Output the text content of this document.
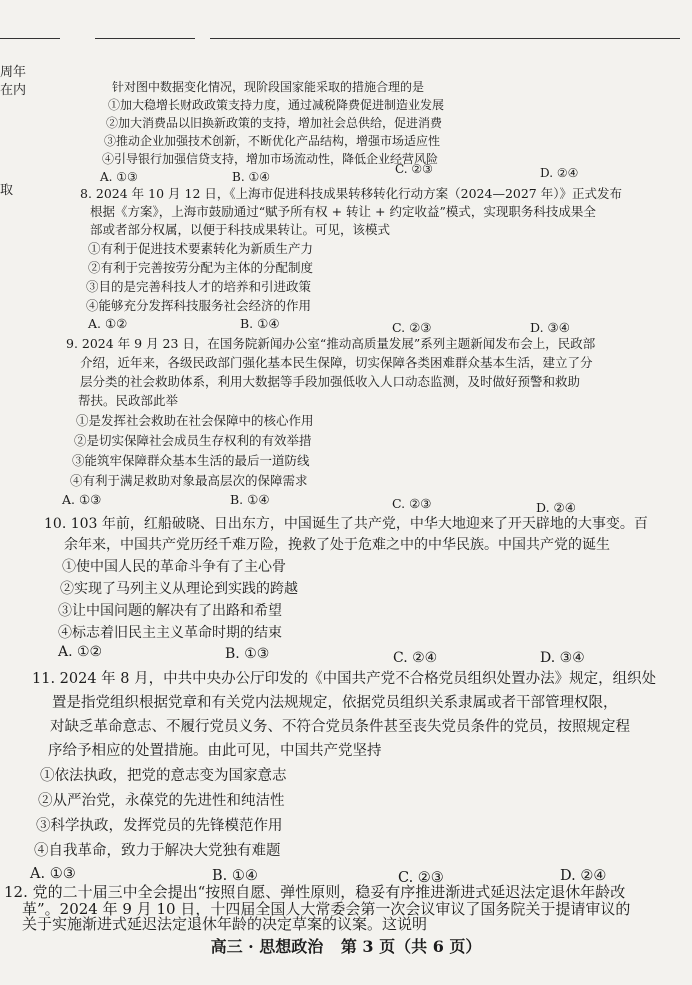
周年
在内
取
针对图中数据变化情况，现阶段国家能采取的措施合理的是
①加大稳增长财政政策支持力度，通过减税降费促进制造业发展
②加大消费品以旧换新政策的支持，增加社会总供给，促进消费
③推动企业加强技术创新，不断优化产品结构，增强市场适应性
④引导银行加强信贷支持，增加市场流动性，降低企业经营风险
A. ①③	B. ①④
C. ②③	D. ②④
8. 2024 年 10 月 12 日，《上海市促进科技成果转移转化行动方案（2024—2027 年）》正式发布
根据《方案》，上海市鼓励通过“赋予所有权 + 转让 + 约定收益”模式，实现职务科技成果全
部或者部分权属，以便于科技成果转让。可见，该模式
①有利于促进技术要素转化为新质生产力
②有利于完善按劳分配为主体的分配制度
③目的是完善科技人才的培养和引进政策
④能够充分发挥科技服务社会经济的作用
A. ①②	B. ①④	C. ②③	D. ③④
9. 2024 年 9 月 23 日，在国务院新闻办公室“推动高质量发展”系列主题新闻发布会上，民政部
介绍，近年来，各级民政部门强化基本民生保障，切实保障各类困难群众基本生活，建立了分
层分类的社会救助体系，利用大数据等手段加强低收入人口动态监测，及时做好预警和救助
帮扶。民政部此举
①是发挥社会救助在社会保障中的核心作用
②是切实保障社会成员生存权利的有效举措
③能筑牢保障群众基本生活的最后一道防线
④有利于满足救助对象最高层次的保障需求
A. ①③	B. ①④	C. ②③	D. ②④
10. 103 年前，红船破晓、日出东方，中国诞生了共产党，中华大地迎来了开天辟地的大事变。百
余年来，中国共产党历经千难万险，挽救了处于危难之中的中华民族。中国共产党的诞生
①使中国人民的革命斗争有了主心骨
②实现了马列主义从理论到实践的跨越
③让中国问题的解决有了出路和希望
④标志着旧民主主义革命时期的结束
A. ①②	B. ①③	C. ②④	D. ③④
11. 2024 年 8 月，中共中央办公厅印发的《中国共产党不合格党员组织处置办法》规定，组织处
置是指党组织根据党章和有关党内法规规定，依据党员组织关系隶属或者干部管理权限，
对缺乏革命意志、不履行党员义务、不符合党员条件甚至丧失党员条件的党员，按照规定程
序给予相应的处置措施。由此可见，中国共产党坚持
①依法执政，把党的意志变为国家意志
②从严治党，永葆党的先进性和纯洁性
③科学执政，发挥党员的先锋模范作用
④自我革命，致力于解决大党独有难题
A. ①③	B. ①④	C. ②③	D. ②④
12. 党的二十届三中全会提出“按照自愿、弹性原则，稳妥有序推进渐进式延迟法定退休年龄改
革”。2024 年 9 月 10 日，十四届全国人大常委会第一次会议审议了国务院关于提请审议的
关于实施渐进式延迟法定退休年龄的决定草案的议案。这说明
高三 · 思想政治 第 3 页（共 6 页）
